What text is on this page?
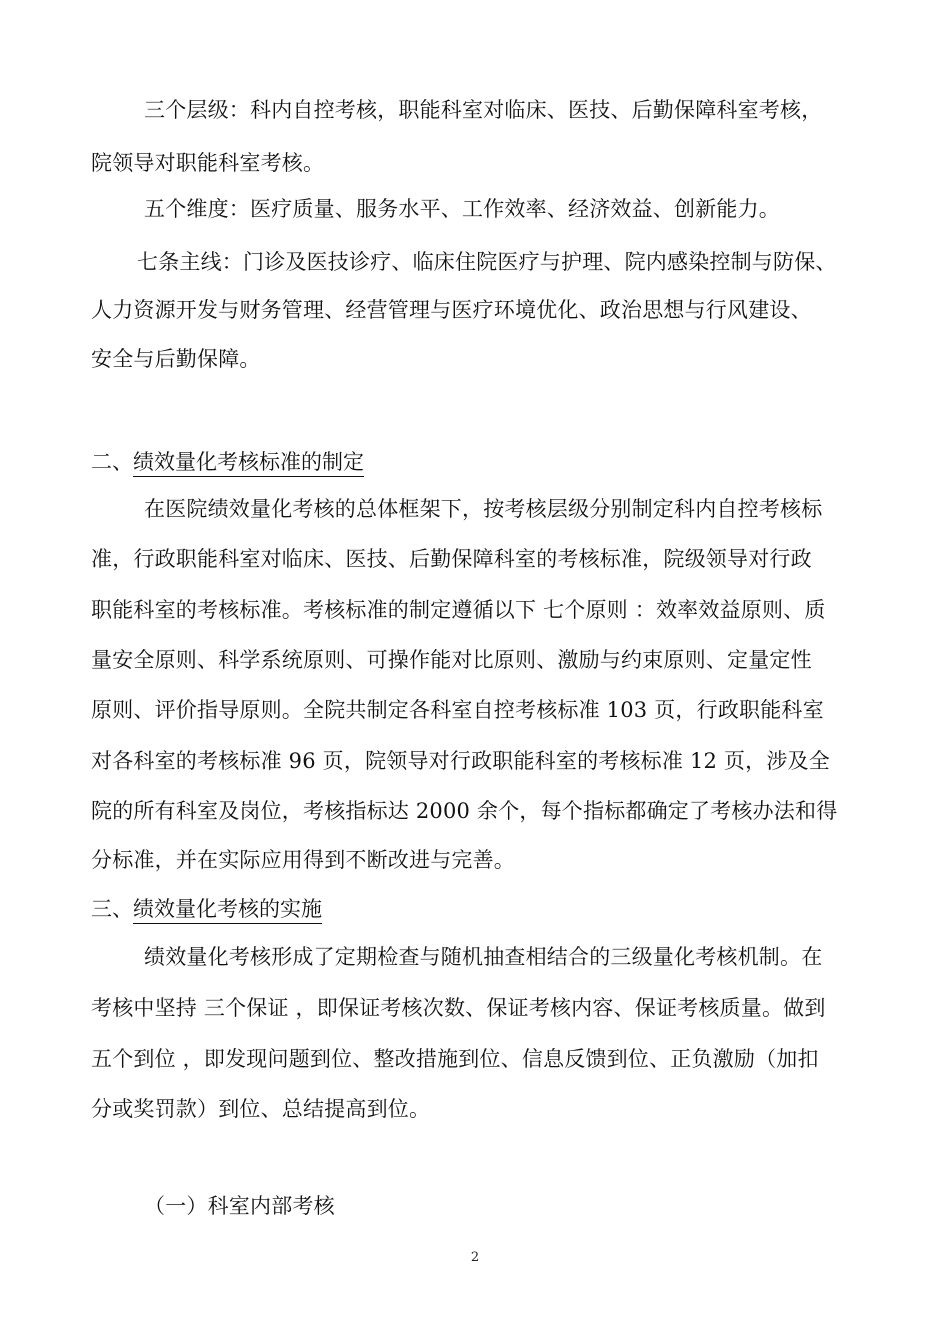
三个层级：科内自控考核，职能科室对临床、医技、后勤保障科室考核，
院领导对职能科室考核。
五个维度：医疗质量、服务水平、工作效率、经济效益、创新能力。
七条主线：门诊及医技诊疗、临床住院医疗与护理、院内感染控制与防保、
人力资源开发与财务管理、经营管理与医疗环境优化、政治思想与行风建设、
安全与后勤保障。
二、绩效量化考核标准的制定
在医院绩效量化考核的总体框架下，按考核层级分别制定科内自控考核标
准，行政职能科室对临床、医技、后勤保障科室的考核标准，院级领导对行政
职能科室的考核标准。考核标准的制定遵循以下 七个原则 ：效率效益原则、质
量安全原则、科学系统原则、可操作能对比原则、激励与约束原则、定量定性
原则、评价指导原则。全院共制定各科室自控考核标准 103 页，行政职能科室
对各科室的考核标准 96 页，院领导对行政职能科室的考核标准 12 页，涉及全
院的所有科室及岗位，考核指标达 2000 余个，每个指标都确定了考核办法和得
分标准，并在实际应用得到不断改进与完善。
三、绩效量化考核的实施
绩效量化考核形成了定期检查与随机抽查相结合的三级量化考核机制。在
考核中坚持 三个保证 ，即保证考核次数、保证考核内容、保证考核质量。做到
五个到位 ，即发现问题到位、整改措施到位、信息反馈到位、正负激励（加扣
分或奖罚款）到位、总结提高到位。
（一）科室内部考核
2
